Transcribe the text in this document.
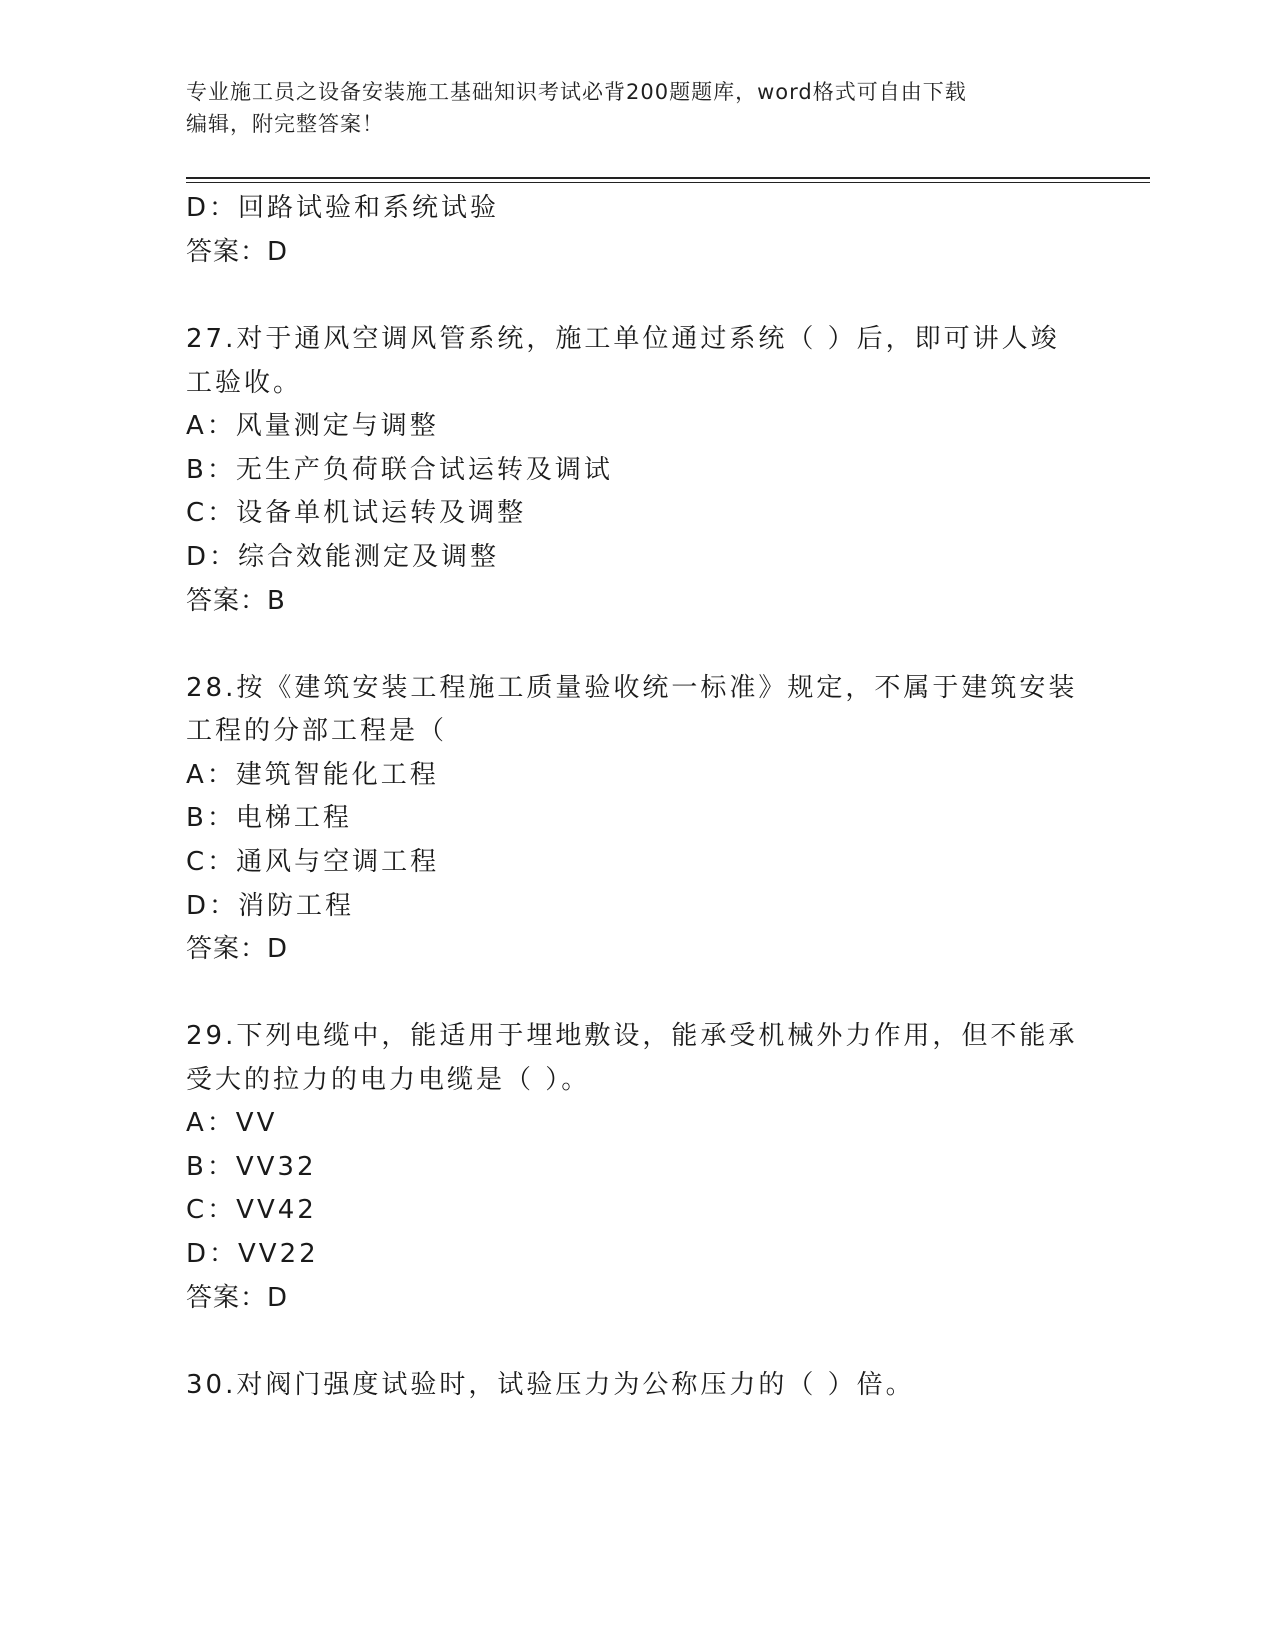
专业施工员之设备安装施工基础知识考试必背200题题库，word格式可自由下载
编辑，附完整答案！
D：回路试验和系统试验
答案：D
27.对于通风空调风管系统，施工单位通过系统（ ）后，即可讲人竣
工验收。
A：风量测定与调整
B：无生产负荷联合试运转及调试
C：设备单机试运转及调整
D：综合效能测定及调整
答案：B
28.按《建筑安装工程施工质量验收统一标准》规定，不属于建筑安装
工程的分部工程是（
A：建筑智能化工程
B：电梯工程
C：通风与空调工程
D：消防工程
答案：D
29.下列电缆中，能适用于埋地敷设，能承受机械外力作用，但不能承
受大的拉力的电力电缆是（ ）。
A：VV
B：VV32
C：VV42
D：VV22
答案：D
30.对阀门强度试验时，试验压力为公称压力的（ ）倍。
